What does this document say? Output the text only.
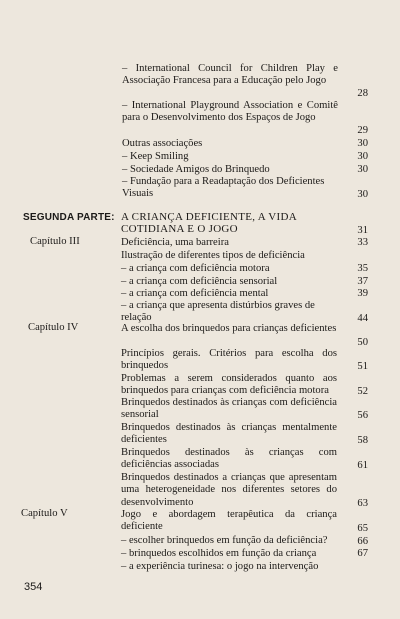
– International Council for Children Play e Associação Francesa para a Educação pelo Jogo
28
– International Playground Association e Comitê para o Desenvolvimento dos Espaços de Jogo
29
Outras associações	30
– Keep Smiling	30
– Sociedade Amigos do Brinquedo	30
– Fundação para a Readaptação dos Deficientes Visuais	30
SEGUNDA PARTE: A CRIANÇA DEFICIENTE, A VIDA COTIDIANA E O JOGO	31
Capítulo III	Deficiência, uma barreira	33
Ilustração de diferentes tipos de deficiência
– a criança com deficiência motora	35
– a criança com deficiência sensorial	37
– a criança com deficiência mental	39
– a criança que apresenta distúrbios graves de relação	44
Capítulo IV	A escolha dos brinquedos para crianças deficientes
50
Princípios gerais. Critérios para escolha dos brinquedos	51
Problemas a serem considerados quanto aos brinquedos para crianças com deficiência motora	52
Brinquedos destinados às crianças com deficiência sensorial	56
Brinquedos destinados às crianças mentalmente deficientes	58
Brinquedos destinados às crianças com deficiências associadas	61
Brinquedos destinados a crianças que apresentam uma heterogeneidade nos diferentes setores do desenvolvimento	63
Capítulo V	Jogo e abordagem terapêutica da criança deficiente	65
– escolher brinquedos em função da deficiência?	66
– brinquedos escolhidos em função da criança	67
– a experiência turinesa: o jogo na intervenção
354
